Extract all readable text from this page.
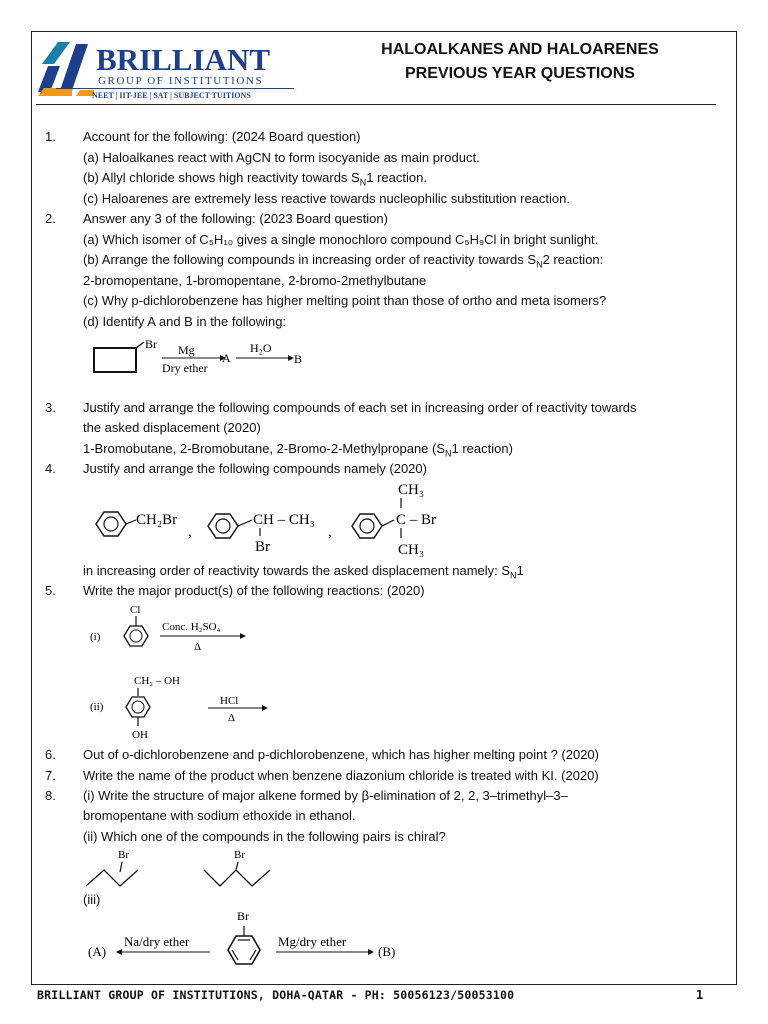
BRILLIANT
GROUP OF INSTITUTIONS
NEET | IIT-JEE | SAT | SUBJECT TUITIONS
HALOALKANES AND HALOARENES
PREVIOUS YEAR QUESTIONS
1. Account for the following: (2024 Board question)
(a) Haloalkanes react with AgCN to form isocyanide as main product.
(b) Allyl chloride shows high reactivity towards $S_N1$ reaction.
(c) Haloarenes are extremely less reactive towards nucleophilic substitution reaction.
2. Answer any 3 of the following: (2023 Board question)
(a) Which isomer of C₅H₁₀ gives a single monochloro compound C₅H₉Cl in bright sunlight.
(b) Arrange the following compounds in increasing order of reactivity towards $S_N2$ reaction:
2-bromopentane, 1-bromopentane, 2-bromo-2methylbutane
(c) Why p-dichlorobenzene has higher melting point than those of ortho and meta isomers?
(d) Identify A and B in the following:
Br Mg
Dry ether
A
H₂O
B
3. Justify and arrange the following compounds of each set in increasing order of reactivity towards
the asked displacement (2020)
1-Bromobutane, 2-Bromobutane, 2-Bromo-2-Methylpropane ($S_N1$ reaction)
4. Justify and arrange the following compounds namely (2020)
CH₂Br
,
CH – CH₃
Br
,
CH₃
C – Br
CH₃
in increasing order of reactivity towards the asked displacement namely: $S_N1$
5. Write the major product(s) of the following reactions: (2020)
(i)
Cl
Conc. H₂SO₄
Δ
CH₂ – OH
(ii)
OH
HCl
Δ
6. Out of o-dichlorobenzene and p-dichlorobenzene, which has higher melting point ? (2020)
7. Write the name of the product when benzene diazonium chloride is treated with KI. (2020)
8. (i) Write the structure of major alkene formed by β-elimination of 2, 2, 3–trimethyl–3–
bromopentane with sodium ethoxide in ethanol.
(ii) Which one of the compounds in the following pairs is chiral?
Br	Br
(iii)
(A)
Na/dry ether
Br
Mg/dry ether
(B)
BRILLIANT GROUP OF INSTITUTIONS, DOHA-QATAR - PH: 50056123/50053100	1
